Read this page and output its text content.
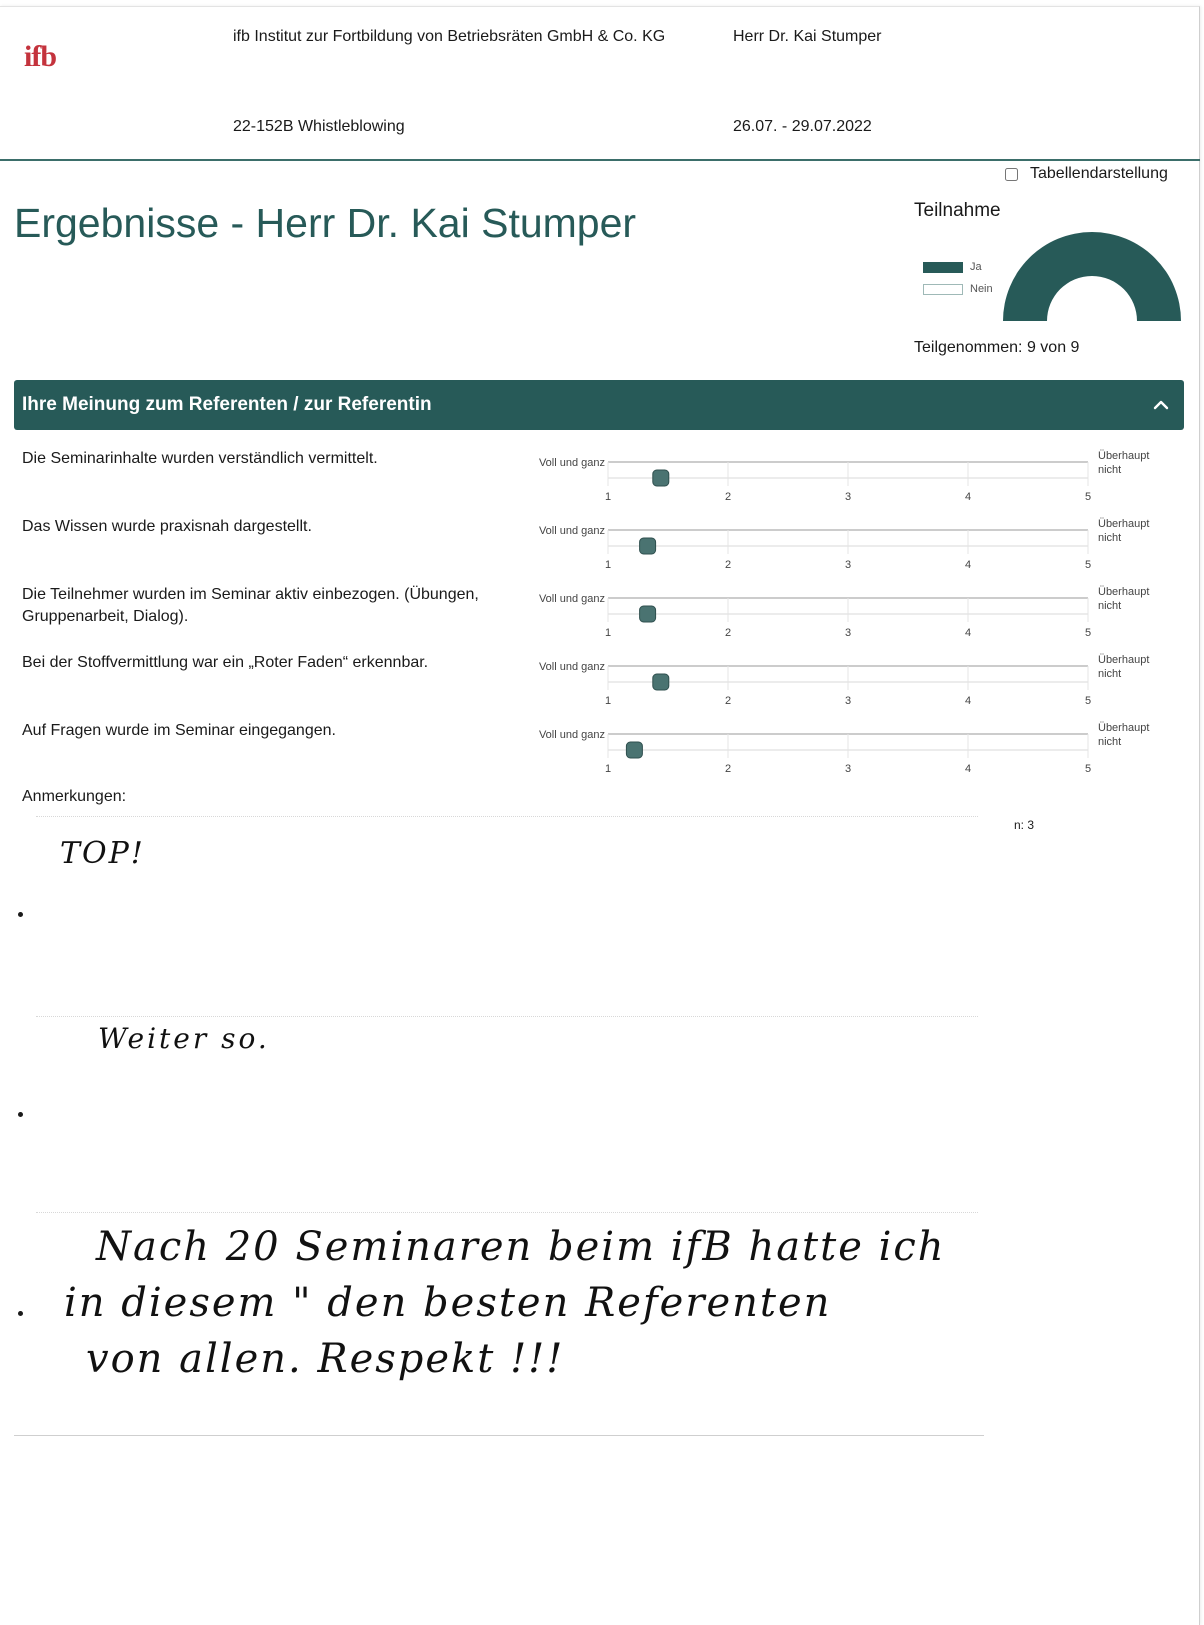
ifb
ifb Institut zur Fortbildung von Betriebsräten GmbH & Co. KG	Herr Dr. Kai Stumper
22-152B Whistleblowing	26.07. - 29.07.2022
Tabellendarstellung
Ergebnisse - Herr Dr. Kai Stumper	Teilnahme
Ja
Nein
Teilgenommen: 9 von 9
Ihre Meinung zum Referenten / zur Referentin
Die Seminarinhalte wurden verständlich vermittelt.	Voll und ganz
Überhaupt
nicht
1	2	3	4	5
Das Wissen wurde praxisnah dargestellt.	Voll und ganz
Überhaupt
nicht
1	2	3	4	5
Die Teilnehmer wurden im Seminar aktiv einbezogen. (Übungen, Gruppenarbeit, Dialog).
Voll und ganz
Überhaupt
nicht
1	2	3	4	5
Bei der Stoffvermittlung war ein „Roter Faden“ erkennbar.	Voll und ganz
Überhaupt
nicht
1	2	3	4	5
Auf Fragen wurde im Seminar eingegangen.	Voll und ganz
Überhaupt
nicht
1	2	3	4	5
Anmerkungen:
n: 3
TOP!
Weiter so.
Nach 20 Seminaren beim ifB hatte ich
in diesem " den besten Referenten
von allen. Respekt !!!
